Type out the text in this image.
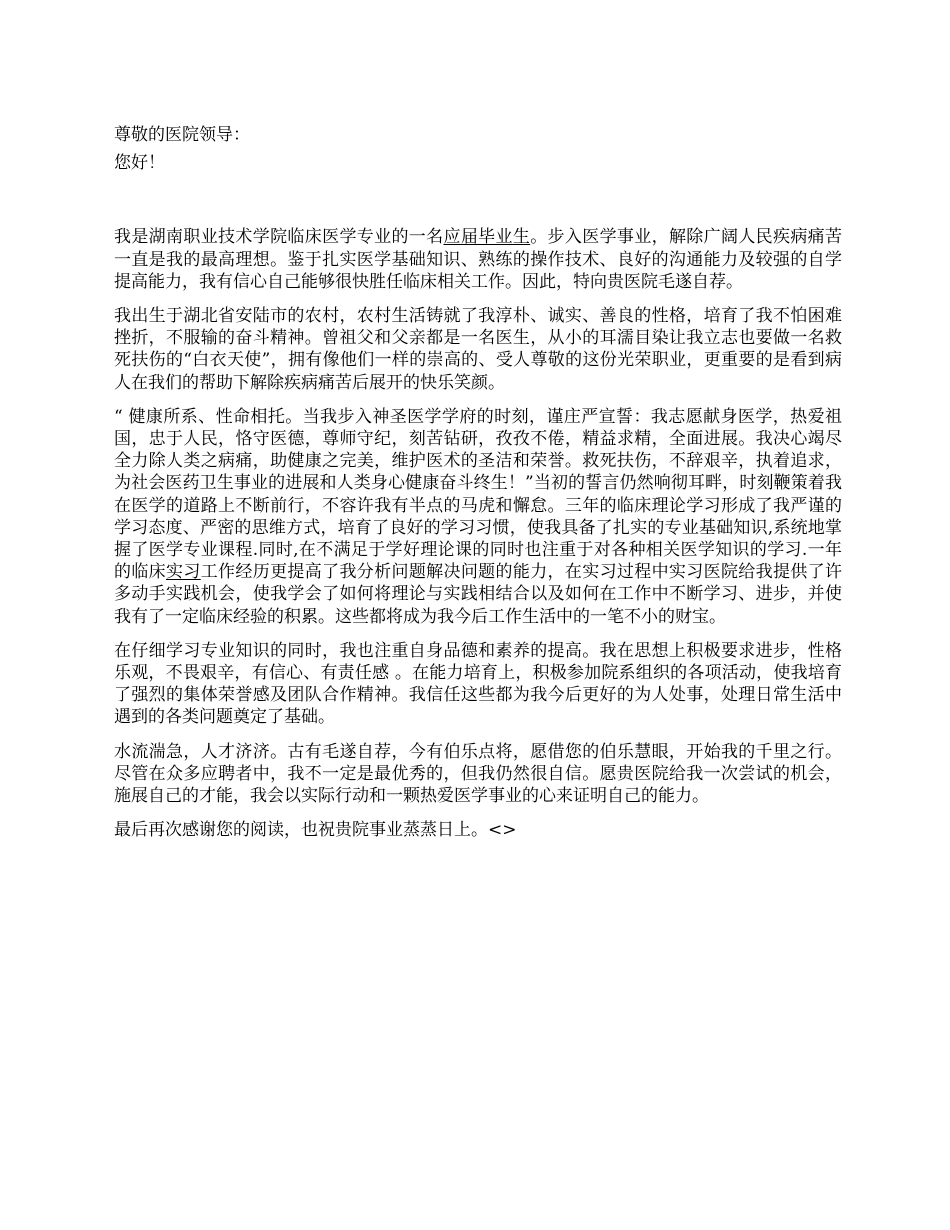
尊敬的医院领导：

您好！

我是湖南职业技术学院临床医学专业的一名应届毕业生。步入医学事业，解除广阔人民疾病痛苦一直是我的最高理想。鉴于扎实医学基础知识、熟练的操作技术、良好的沟通能力及较强的自学提高能力，我有信心自己能够很快胜任临床相关工作。因此，特向贵医院毛遂自荐。

我出生于湖北省安陆市的农村，农村生活铸就了我淳朴、诚实、善良的性格，培育了我不怕困难挫折，不服输的奋斗精神。曾祖父和父亲都是一名医生，从小的耳濡目染让我立志也要做一名救死扶伤的“白衣天使”，拥有像他们一样的崇高的、受人尊敬的这份光荣职业，更重要的是看到病人在我们的帮助下解除疾病痛苦后展开的快乐笑颜。

“ 健康所系、性命相托。当我步入神圣医学学府的时刻，谨庄严宣誓：我志愿献身医学，热爱祖国，忠于人民，恪守医德，尊师守纪，刻苦钻研，孜孜不倦，精益求精，全面进展。我决心竭尽全力除人类之病痛，助健康之完美，维护医术的圣洁和荣誉。救死扶伤，不辞艰辛，执着追求，为社会医药卫生事业的进展和人类身心健康奋斗终生！”当初的誓言仍然响彻耳畔，时刻鞭策着我在医学的道路上不断前行，不容许我有半点的马虎和懈怠。三年的临床理论学习形成了我严谨的学习态度、严密的思维方式，培育了良好的学习习惯，使我具备了扎实的专业基础知识,系统地掌握了医学专业课程.同时,在不满足于学好理论课的同时也注重于对各种相关医学知识的学习.一年的临床实习工作经历更提高了我分析问题解决问题的能力，在实习过程中实习医院给我提供了许多动手实践机会，使我学会了如何将理论与实践相结合以及如何在工作中不断学习、进步，并使我有了一定临床经验的积累。这些都将成为我今后工作生活中的一笔不小的财宝。

在仔细学习专业知识的同时，我也注重自身品德和素养的提高。我在思想上积极要求进步，性格乐观，不畏艰辛，有信心、有责任感 。在能力培育上，积极参加院系组织的各项活动，使我培育了强烈的集体荣誉感及团队合作精神。我信任这些都为我今后更好的为人处事，处理日常生活中遇到的各类问题奠定了基础。

水流湍急，人才济济。古有毛遂自荐，今有伯乐点将，愿借您的伯乐慧眼，开始我的千里之行。尽管在众多应聘者中，我不一定是最优秀的，但我仍然很自信。愿贵医院给我一次尝试的机会，施展自己的才能，我会以实际行动和一颗热爱医学事业的心来证明自己的能力。

最后再次感谢您的阅读，也祝贵院事业蒸蒸日上。<>
